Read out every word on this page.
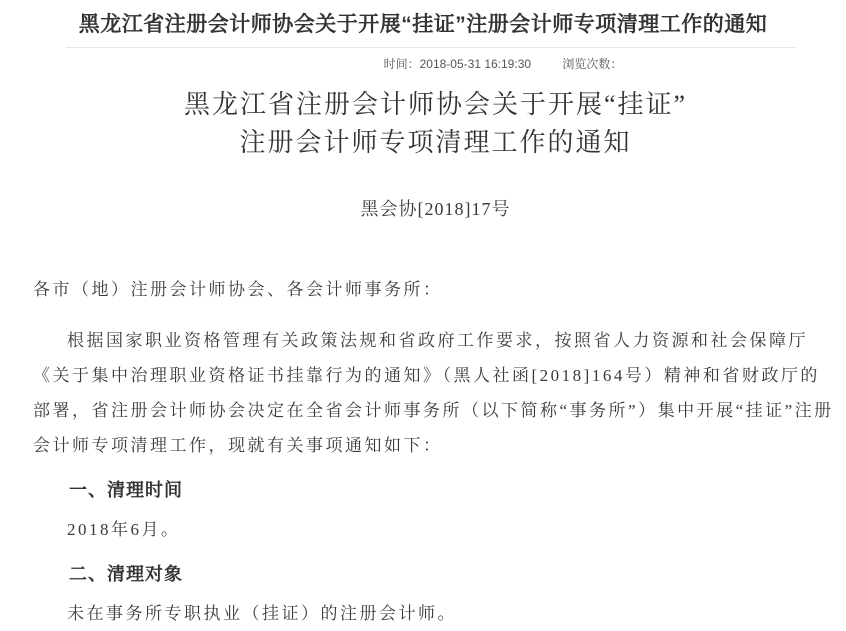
黑龙江省注册会计师协会关于开展“挂证”注册会计师专项清理工作的通知
时间：2018-05-31 16:19:30	浏览次数：
黑龙江省注册会计师协会关于开展“挂证”
注册会计师专项清理工作的通知
黑会协[2018]17号

各市（地）注册会计师协会、各会计师事务所：

根据国家职业资格管理有关政策法规和省政府工作要求，按照省人力资源和社会保障厅《关于集中治理职业资格证书挂靠行为的通知》（黑人社函[2018]164号）精神和省财政厅的部署，省注册会计师协会决定在全省会计师事务所（以下简称“事务所”）集中开展“挂证”注册会计师专项清理工作，现就有关事项通知如下：

一、清理时间

2018年6月。

二、清理对象

未在事务所专职执业（挂证）的注册会计师。
